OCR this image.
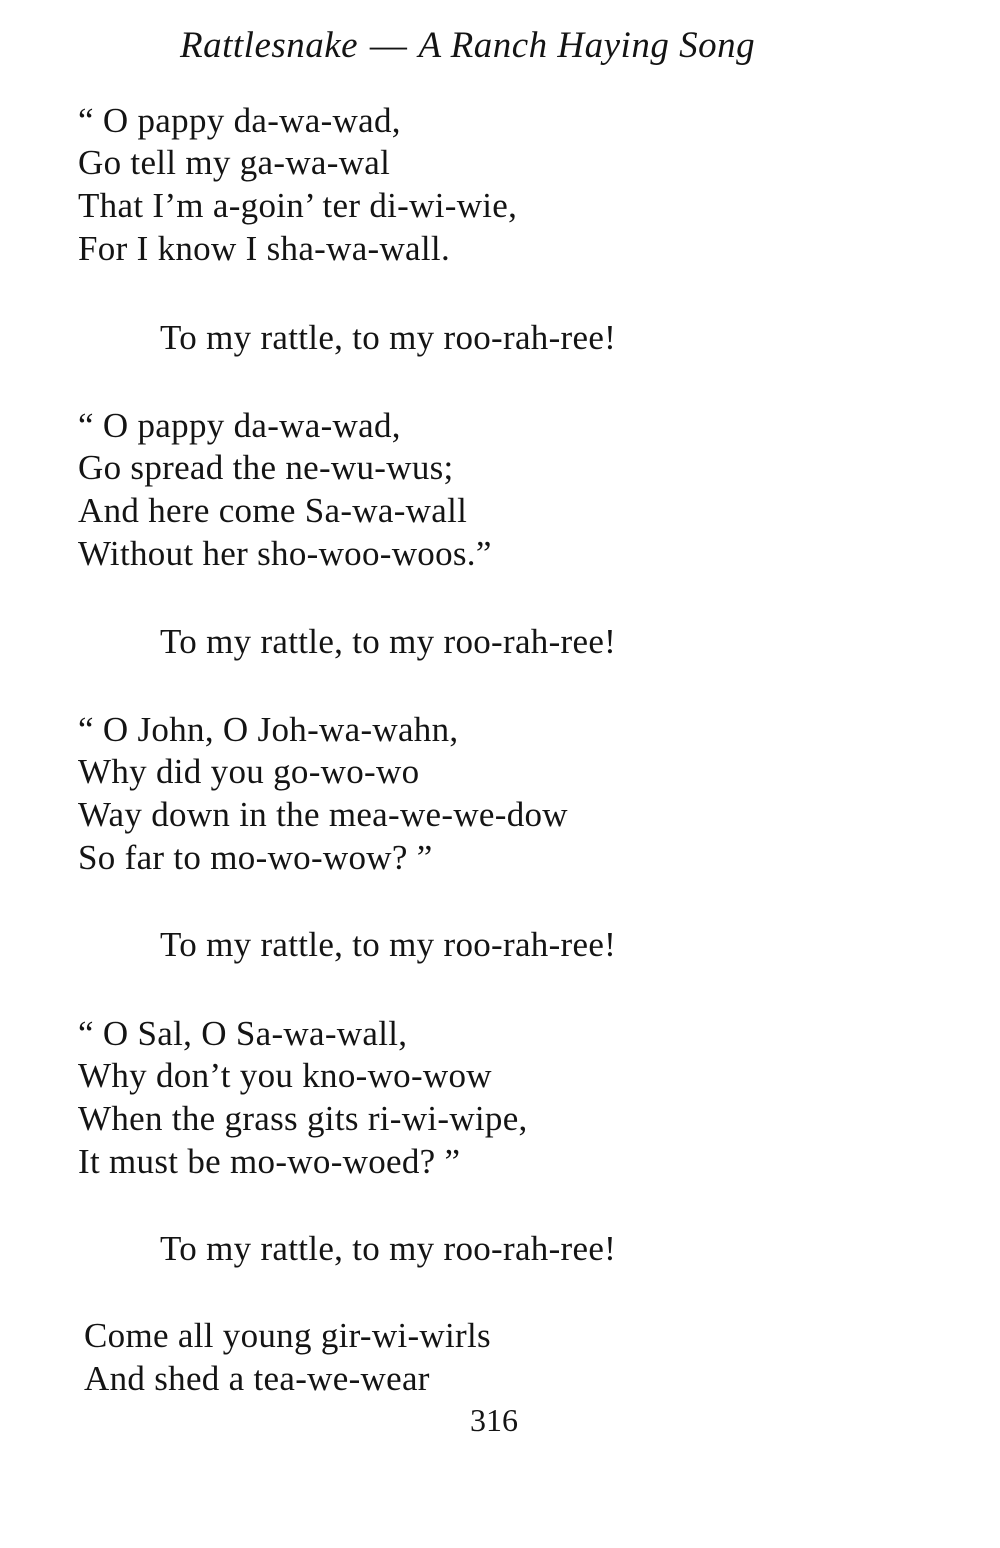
Rattlesnake — A Ranch Haying Song
“ O pappy da-wa-wad,
Go tell my ga-wa-wal
That I’m a-goin’ ter di-wi-wie,
For I know I sha-wa-wall.
To my rattle, to my roo-rah-ree!
“ O pappy da-wa-wad,
Go spread the ne-wu-wus;
And here come Sa-wa-wall
Without her sho-woo-woos.”
To my rattle, to my roo-rah-ree!
“ O John, O Joh-wa-wahn,
Why did you go-wo-wo
Way down in the mea-we-we-dow
So far to mo-wo-wow? ”
To my rattle, to my roo-rah-ree!
“ O Sal, O Sa-wa-wall,
Why don’t you kno-wo-wow
When the grass gits ri-wi-wipe,
It must be mo-wo-woed? ”
To my rattle, to my roo-rah-ree!
Come all young gir-wi-wirls
And shed a tea-we-wear
316
